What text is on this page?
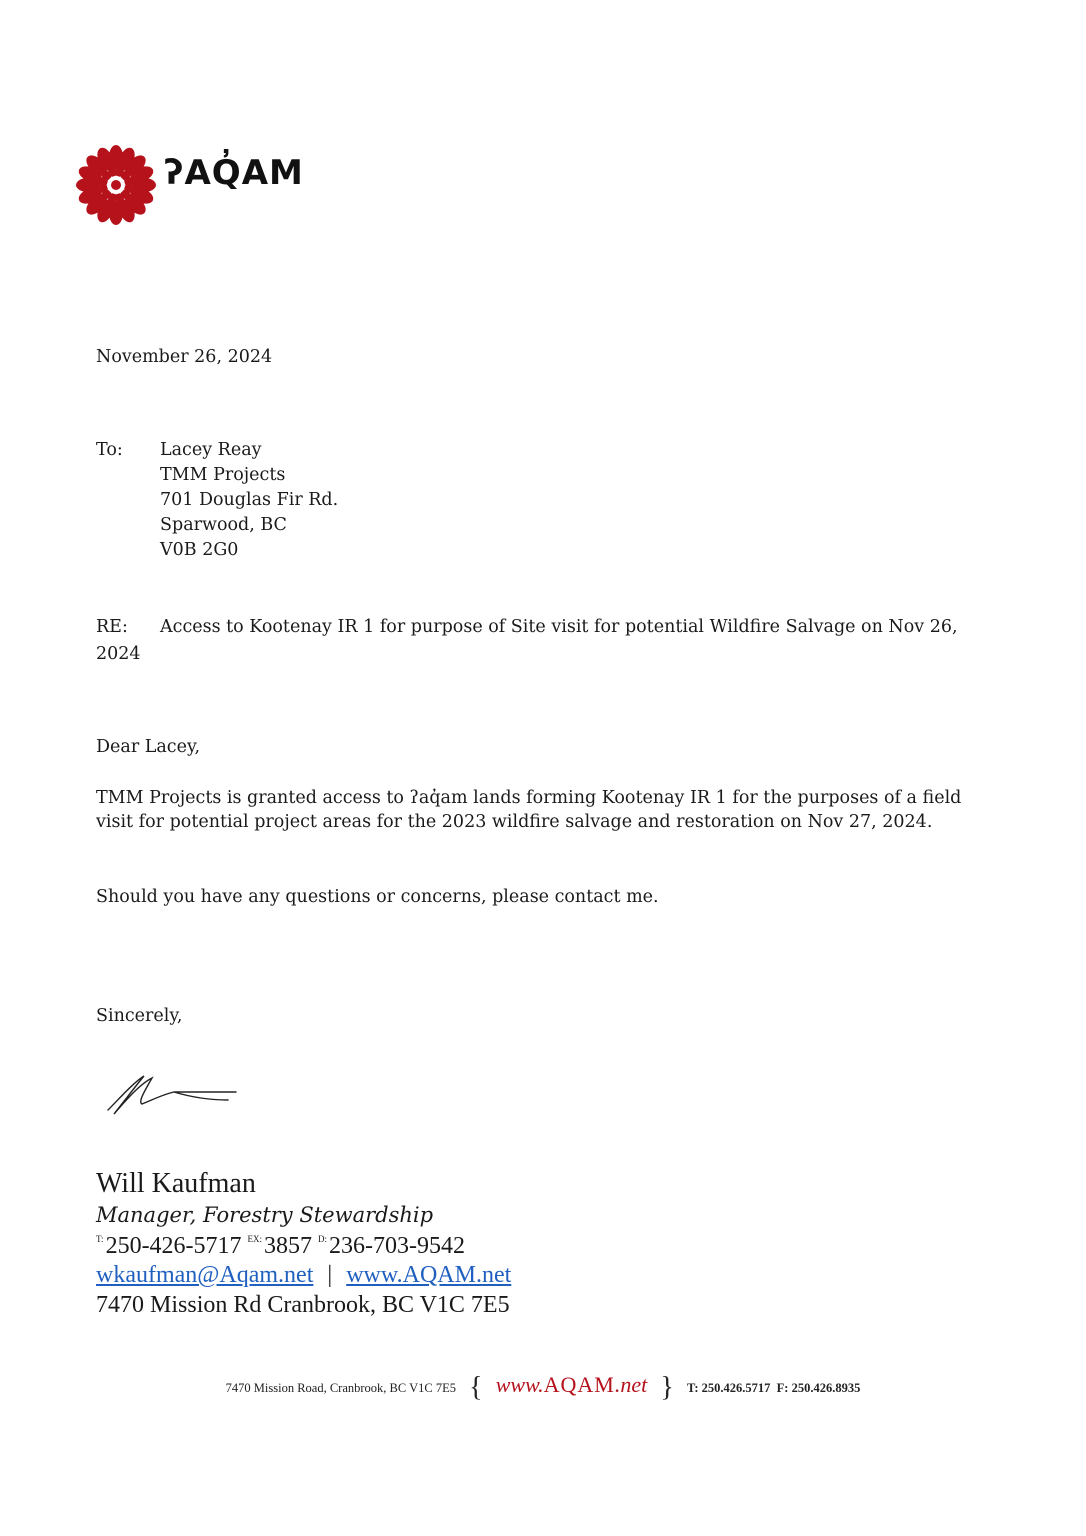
ʔAQ̓AM
November 26, 2024
To: Lacey Reay
TMM Projects
701 Douglas Fir Rd.
Sparwood, BC
V0B 2G0
RE: Access to Kootenay IR 1 for purpose of Site visit for potential Wildfire Salvage on Nov 26,
2024
Dear Lacey,
TMM Projects is granted access to ʔaq̓am lands forming Kootenay IR 1 for the purposes of a field
visit for potential project areas for the 2023 wildfire salvage and restoration on Nov 27, 2024.
Should you have any questions or concerns, please contact me.
Sincerely,
Will Kaufman
Manager, Forestry Stewardship
$^{T:}$250-426-5717 $^{EX:}$3857 $^{D:}$236-703-9542
wkaufman@Aqam.net | www.AQAM.net
7470 Mission Rd Cranbrook, BC V1C 7E5
7470 Mission Road, Cranbrook, BC V1C 7E5 { www.AQAM.net } T: 250.426.5717 F: 250.426.8935
